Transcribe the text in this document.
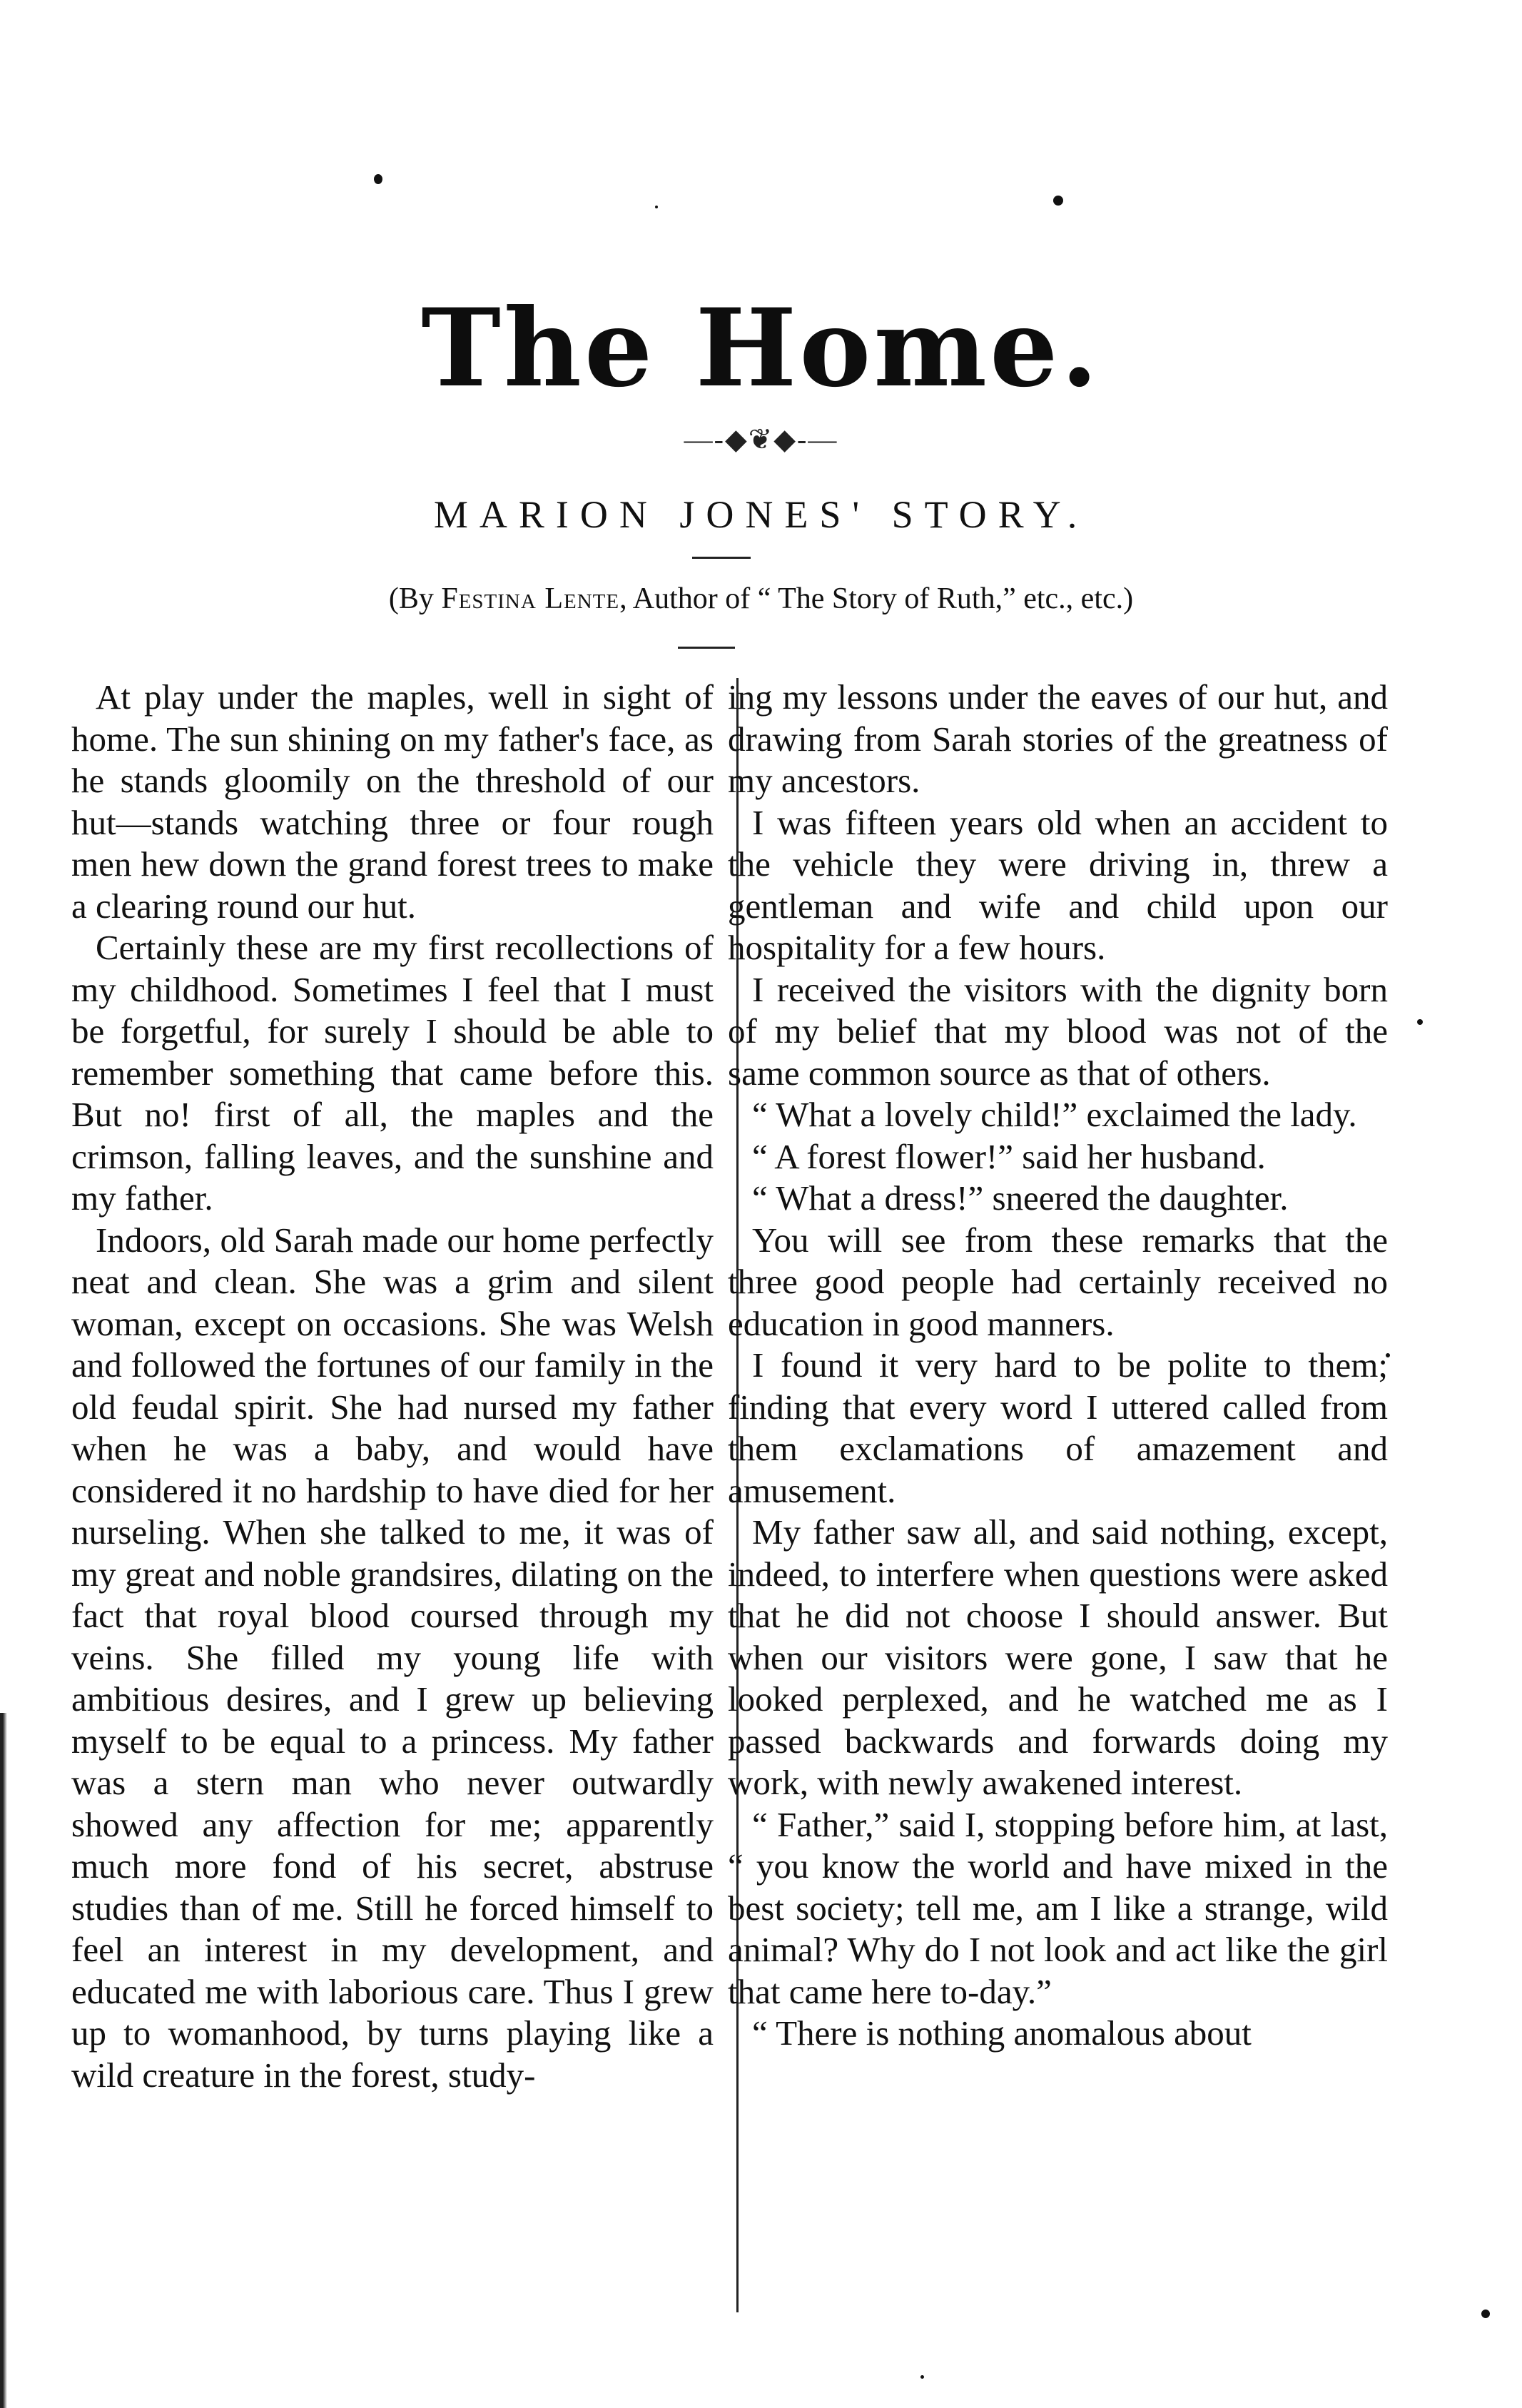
The Home.
—-◆❦◆-—
MARION JONES' STORY.
(By Festina Lente, Author of “ The Story of Ruth,” etc., etc.)

At play under the maples, well in sight of home. The sun shining on my father's face, as he stands gloomily on the threshold of our hut—stands watching three or four rough men hew down the grand forest trees to make a clearing round our hut.

Certainly these are my first recollections of my childhood. Sometimes I feel that I must be forgetful, for surely I should be able to remember something that came before this. But no! first of all, the maples and the crimson, falling leaves, and the sunshine and my father.

Indoors, old Sarah made our home perfectly neat and clean. She was a grim and silent woman, except on occasions. She was Welsh and followed the fortunes of our family in the old feudal spirit. She had nursed my father when he was a baby, and would have considered it no hardship to have died for her nurseling. When she talked to me, it was of my great and noble grandsires, dilating on the fact that royal blood coursed through my veins. She filled my young life with ambitious desires, and I grew up believing myself to be equal to a princess. My father was a stern man who never outwardly showed any affection for me; apparently much more fond of his secret, abstruse studies than of me. Still he forced himself to feel an interest in my development, and educated me with laborious care. Thus I grew up to womanhood, by turns playing like a wild creature in the forest, study-

ing my lessons under the eaves of our hut, and drawing from Sarah stories of the greatness of my ancestors.

I was fifteen years old when an accident to the vehicle they were driving in, threw a gentleman and wife and child upon our hospitality for a few hours.

I received the visitors with the dignity born of my belief that my blood was not of the same common source as that of others.

“ What a lovely child!” exclaimed the lady.

“ A forest flower!” said her husband.

“ What a dress!” sneered the daughter.

You will see from these remarks that the three good people had certainly received no education in good manners.

I found it very hard to be polite to them; finding that every word I uttered called from them exclamations of amazement and amusement.

My father saw all, and said nothing, except, indeed, to interfere when questions were asked that he did not choose I should answer. But when our visitors were gone, I saw that he looked perplexed, and he watched me as I passed backwards and forwards doing my work, with newly awakened interest.

“ Father,” said I, stopping before him, at last, “ you know the world and have mixed in the best society; tell me, am I like a strange, wild animal? Why do I not look and act like the girl that came here to-day.”

“ There is nothing anomalous about
